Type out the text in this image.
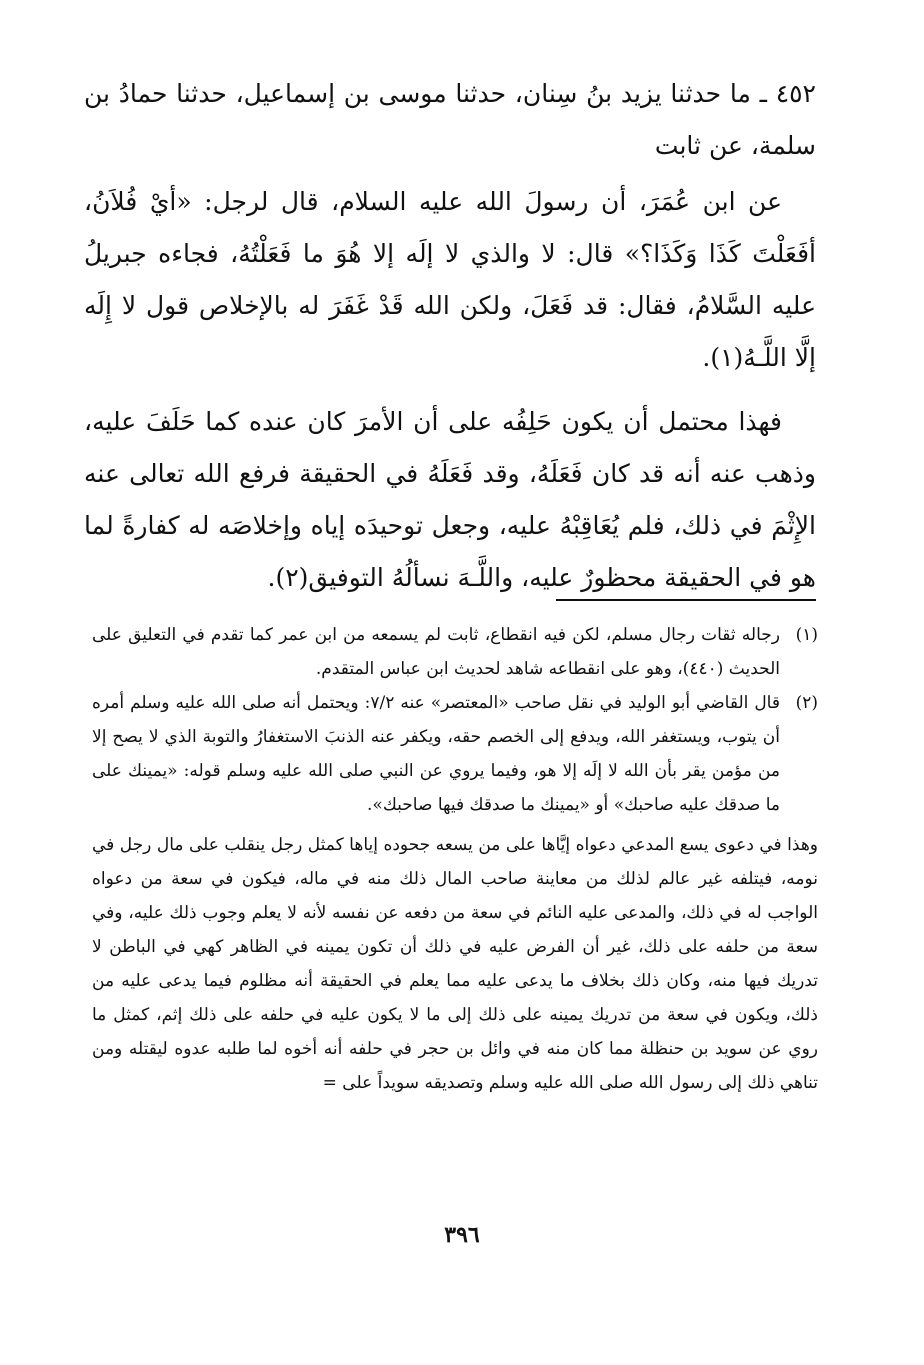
٤٥٢ ـ ما حدثنا يزيد بنُ سِنان، حدثنا موسى بن إسماعيل، حدثنا حمادُ بن سلمة، عن ثابت

عن ابن عُمَرَ، أن رسولَ الله عليه السلام، قال لرجل: «أيْ فُلاَنُ، أفَعَلْتَ كَذَا وَكَذَا؟» قال: لا والذي لا إلَه إلا هُوَ ما فَعَلْتُهُ، فجاءه جبريلُ عليه السَّلامُ، فقال: قد فَعَلَ، ولكن الله قَدْ غَفَرَ له بالإخلاص قول لا إِلَه إلَّا اللَّـهُ(١).

فهذا محتمل أن يكون حَلِفُه على أن الأمرَ كان عنده كما حَلَفَ عليه، وذهب عنه أنه قد كان فَعَلَهُ، وقد فَعَلَهُ في الحقيقة فرفع الله تعالى عنه الإِثْمَ في ذلك، فلم يُعَاقِبْهُ عليه، وجعل توحيدَه إياه وإخلاصَه له كفارةً لما هو في الحقيقة محظورٌ عليه، واللَّـهَ نسألُهُ التوفيق(٢).

(١)

رجاله ثقات رجال مسلم، لكن فيه انقطاع، ثابت لم يسمعه من ابن عمر كما تقدم في التعليق على الحديث (٤٤٠)، وهو على انقطاعه شاهد لحديث ابن عباس المتقدم.

(٢)

قال القاضي أبو الوليد في نقل صاحب «المعتصر» عنه ٧/٢: ويحتمل أنه صلى الله عليه وسلم أمره أن يتوب، ويستغفر الله، ويدفع إلى الخصم حقه، ويكفر عنه الذنبَ الاستغفارُ والتوبة الذي لا يصح إلا من مؤمن يقر بأن الله لا إلَه إلا هو، وفيما يروي عن النبي صلى الله عليه وسلم قوله: «يمينك على ما صدقك عليه صاحبك» أو «يمينك ما صدقك فيها صاحبك».

وهذا في دعوى يسع المدعي دعواه إيَّاها على من يسعه جحوده إياها كمثل رجل ينقلب على مال رجل في نومه، فيتلفه غير عالم لذلك من معاينة صاحب المال ذلك منه في ماله، فيكون في سعة من دعواه الواجب له في ذلك، والمدعى عليه النائم في سعة من دفعه عن نفسه لأنه لا يعلم وجوب ذلك عليه، وفي سعة من حلفه على ذلك، غير أن الفرض عليه في ذلك أن تكون يمينه في الظاهر كهي في الباطن لا تدريك فيها منه، وكان ذلك بخلاف ما يدعى عليه مما يعلم في الحقيقة أنه مظلوم فيما يدعى عليه من ذلك، ويكون في سعة من تدريك يمينه على ذلك إلى ما لا يكون عليه في حلفه على ذلك إثم، كمثل ما روي عن سويد بن حنظلة مما كان منه في وائل بن حجر في حلفه أنه أخوه لما طلبه عدوه ليقتله ومن تناهي ذلك إلى رسول الله صلى الله عليه وسلم وتصديقه سويداً على =

٣٩٦
